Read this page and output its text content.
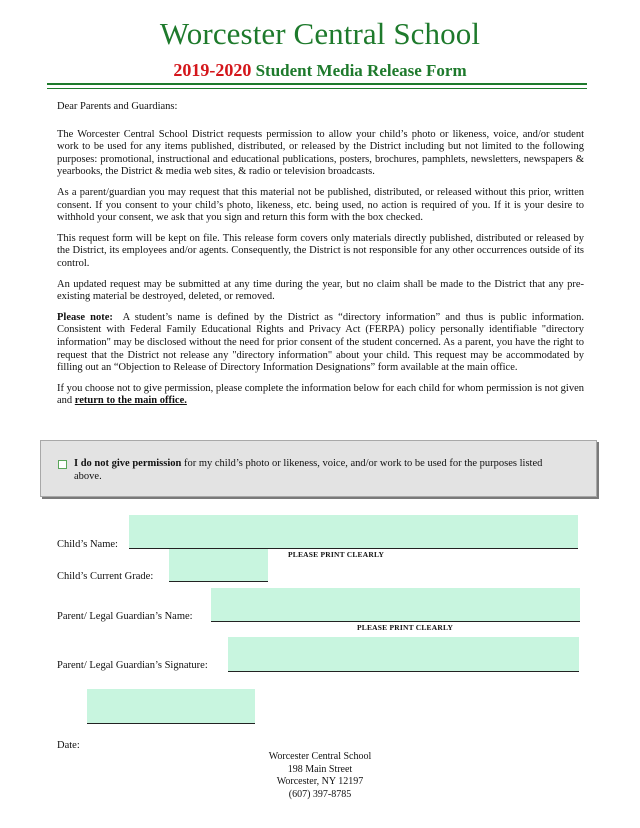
Worcester Central School
2019-2020 Student Media Release Form

Dear Parents and Guardians:

The Worcester Central School District requests permission to allow your child’s photo or likeness, voice, and/or student work to be used for any items published, distributed, or released by the District including but not limited to the following purposes: promotional, instructional and educational publications, posters, brochures, pamphlets, newsletters, newspapers & yearbooks, the District & media web sites, & radio or television broadcasts.

As a parent/guardian you may request that this material not be published, distributed, or released without this prior, written consent. If you consent to your child’s photo, likeness, etc. being used, no action is required of you. If it is your desire to withhold your consent, we ask that you sign and return this form with the box checked.

This request form will be kept on file. This release form covers only materials directly published, distributed or released by the District, its employees and/or agents. Consequently, the District is not responsible for any other occurrences outside of its control.

An updated request may be submitted at any time during the year, but no claim shall be made to the District that any pre-existing material be destroyed, deleted, or removed.

Please note: A student’s name is defined by the District as “directory information” and thus is public information. Consistent with Federal Family Educational Rights and Privacy Act (FERPA) policy personally identifiable "directory information" may be disclosed without the need for prior consent of the student concerned. As a parent, you have the right to request that the District not release any "directory information" about your child. This request may be accommodated by filling out an “Objection to Release of Directory Information Designations” form available at the main office.

If you choose not to give permission, please complete the information below for each child for whom permission is not given and return to the main office.

I do not give permission for my child’s photo or likeness, voice, and/or work to be used for the purposes listed above.
Child’s Name:
PLEASE PRINT CLEARLY
Child’s Current Grade:
Parent/ Legal Guardian’s Name:
PLEASE PRINT CLEARLY
Parent/ Legal Guardian’s Signature:
Date:
Worcester Central School
198 Main Street
Worcester, NY 12197
(607) 397-8785
